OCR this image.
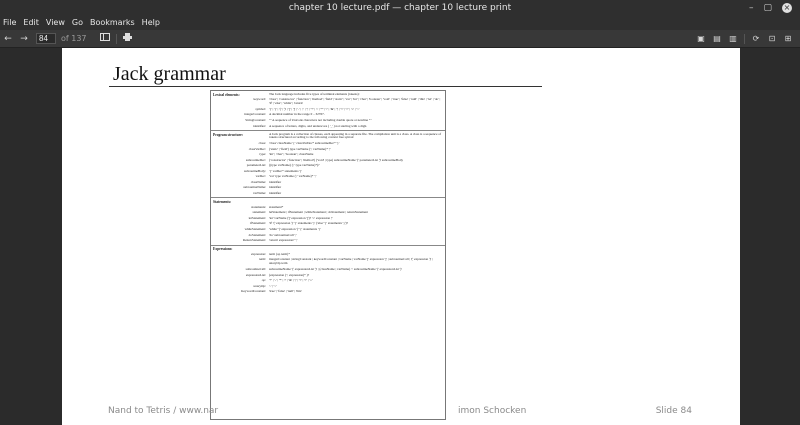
chapter 10 lecture.pdf — chapter 10 lecture print	– ▢ ×
File Edit View Go Bookmarks Help
← →
84	of 137	▣	▤	▥	⟳	⊡	⊞
Jack grammar
Lexical elements:	The Jack language includes five types of terminal elements (tokens):
keyword: 'class' | 'constructor' | 'function' | 'method' | 'field' | 'static' | 'var' | 'int' | 'char' | 'boolean' | 'void' | 'true' | 'false' | 'null' | 'this' | 'let' | 'do' | 'if' | 'else' | 'while' | 'return'
symbol: '{' | '}' | '(' | ')' | '[' | ']' | '.' | ',' | ';' | '+' | '-' | '*' | '/' | '&' | '|' | '<' | '>' | '=' | '~'
integerConstant: A decimal number in the range 0 .. 32767.
StringConstant: '"' A sequence of Unicode characters not including double quote or newline '"'
identifier: A sequence of letters, digits, and underscore ( '_' ) not starting with a digit.
Program structure:	A Jack program is a collection of classes, each appearing in a separate file. The compilation unit is a class. A class is a sequence of tokens structured according to the following context free syntax:
class: 'class' className '{' classVarDec* subroutineDec* '}'
classVarDec: ('static' | 'field') type varName (',' varName)* ';'
type: 'int' | 'char' | 'boolean' | className
subroutineDec: ('constructor' | 'function' | 'method') ('void' | type) subroutineName '(' parameterList ')' subroutineBody
parameterList: ((type varName) (',' type varName)*)?
subroutineBody: '{' varDec* statements '}'
varDec: 'var' type varName (',' varName)* ';'
className: identifier
subroutineName: identifier
varName: identifier
Statements:
statements: statement*
statement: letStatement | ifStatement | whileStatement | doStatement | returnStatement
letStatement: 'let' varName ('[' expression ']')? '=' expression ';'
ifStatement: 'if' '(' expression ')' '{' statements '}' ('else' '{' statements '}')?
whileStatement: 'while' '(' expression ')' '{' statements '}'
doStatement: 'do' subroutineCall ';'
ReturnStatement: 'return' expression? ';'
Expressions:
expression: term (op term)*
term: integerConstant | stringConstant | keywordConstant | varName | varName '[' expression ']' | subroutineCall | '(' expression ')' | unaryOp term
subroutineCall: subroutineName '(' expressionList ')' | (className | varName) '.' subroutineName '(' expressionList ')'
expressionList: (expression (',' expression)* )?
op: '+' | '-' | '*' | '/' | '&' | '|' | '<' | '>' | '='
unaryOp: '-' | '~'
KeywordConstant: 'true' | 'false' | 'null' | 'this'
Nand to Tetris / www.nar	imon Schocken	Slide 84
